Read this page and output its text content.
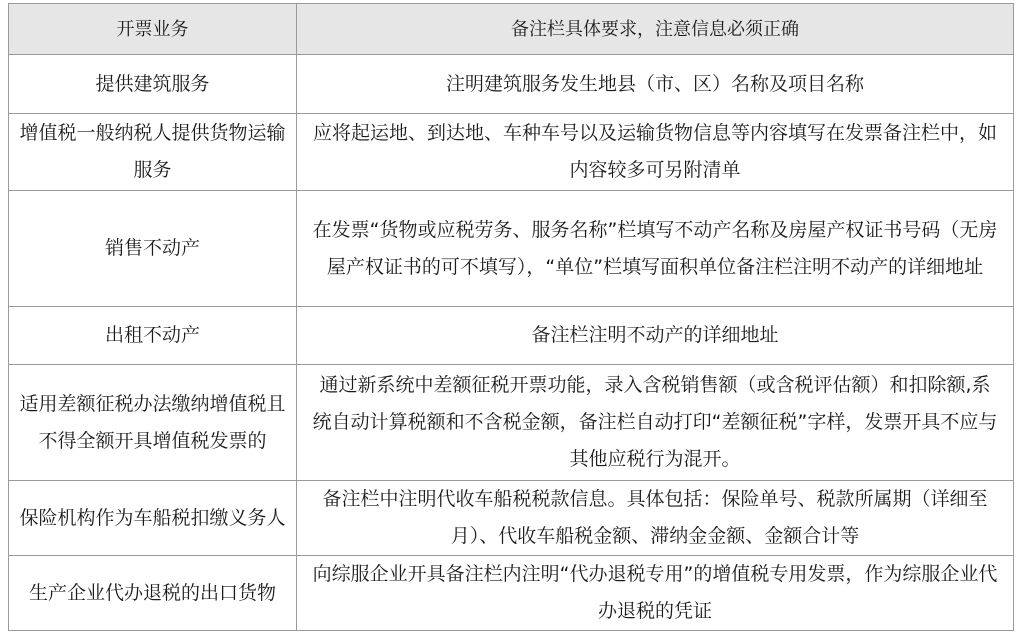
开票业务	备注栏具体要求，注意信息必须正确
提供建筑服务	注明建筑服务发生地县（市、区）名称及项目名称
增值税一般纳税人提供货物运输服务	应将起运地、到达地、车种车号以及运输货物信息等内容填写在发票备注栏中，如内容较多可另附清单
销售不动产	在发票“货物或应税劳务、服务名称”栏填写不动产名称及房屋产权证书号码（无房屋产权证书的可不填写），“单位”栏填写面积单位备注栏注明不动产的详细地址
出租不动产	备注栏注明不动产的详细地址
适用差额征税办法缴纳增值税且不得全额开具增值税发票的	通过新系统中差额征税开票功能，录入含税销售额（或含税评估额）和扣除额,系统自动计算税额和不含税金额，备注栏自动打印“差额征税”字样，发票开具不应与其他应税行为混开。
保险机构作为车船税扣缴义务人	备注栏中注明代收车船税税款信息。具体包括：保险单号、税款所属期（详细至月）、代收车船税金额、滞纳金金额、金额合计等
生产企业代办退税的出口货物	向综服企业开具备注栏内注明“代办退税专用”的增值税专用发票，作为综服企业代办退税的凭证
